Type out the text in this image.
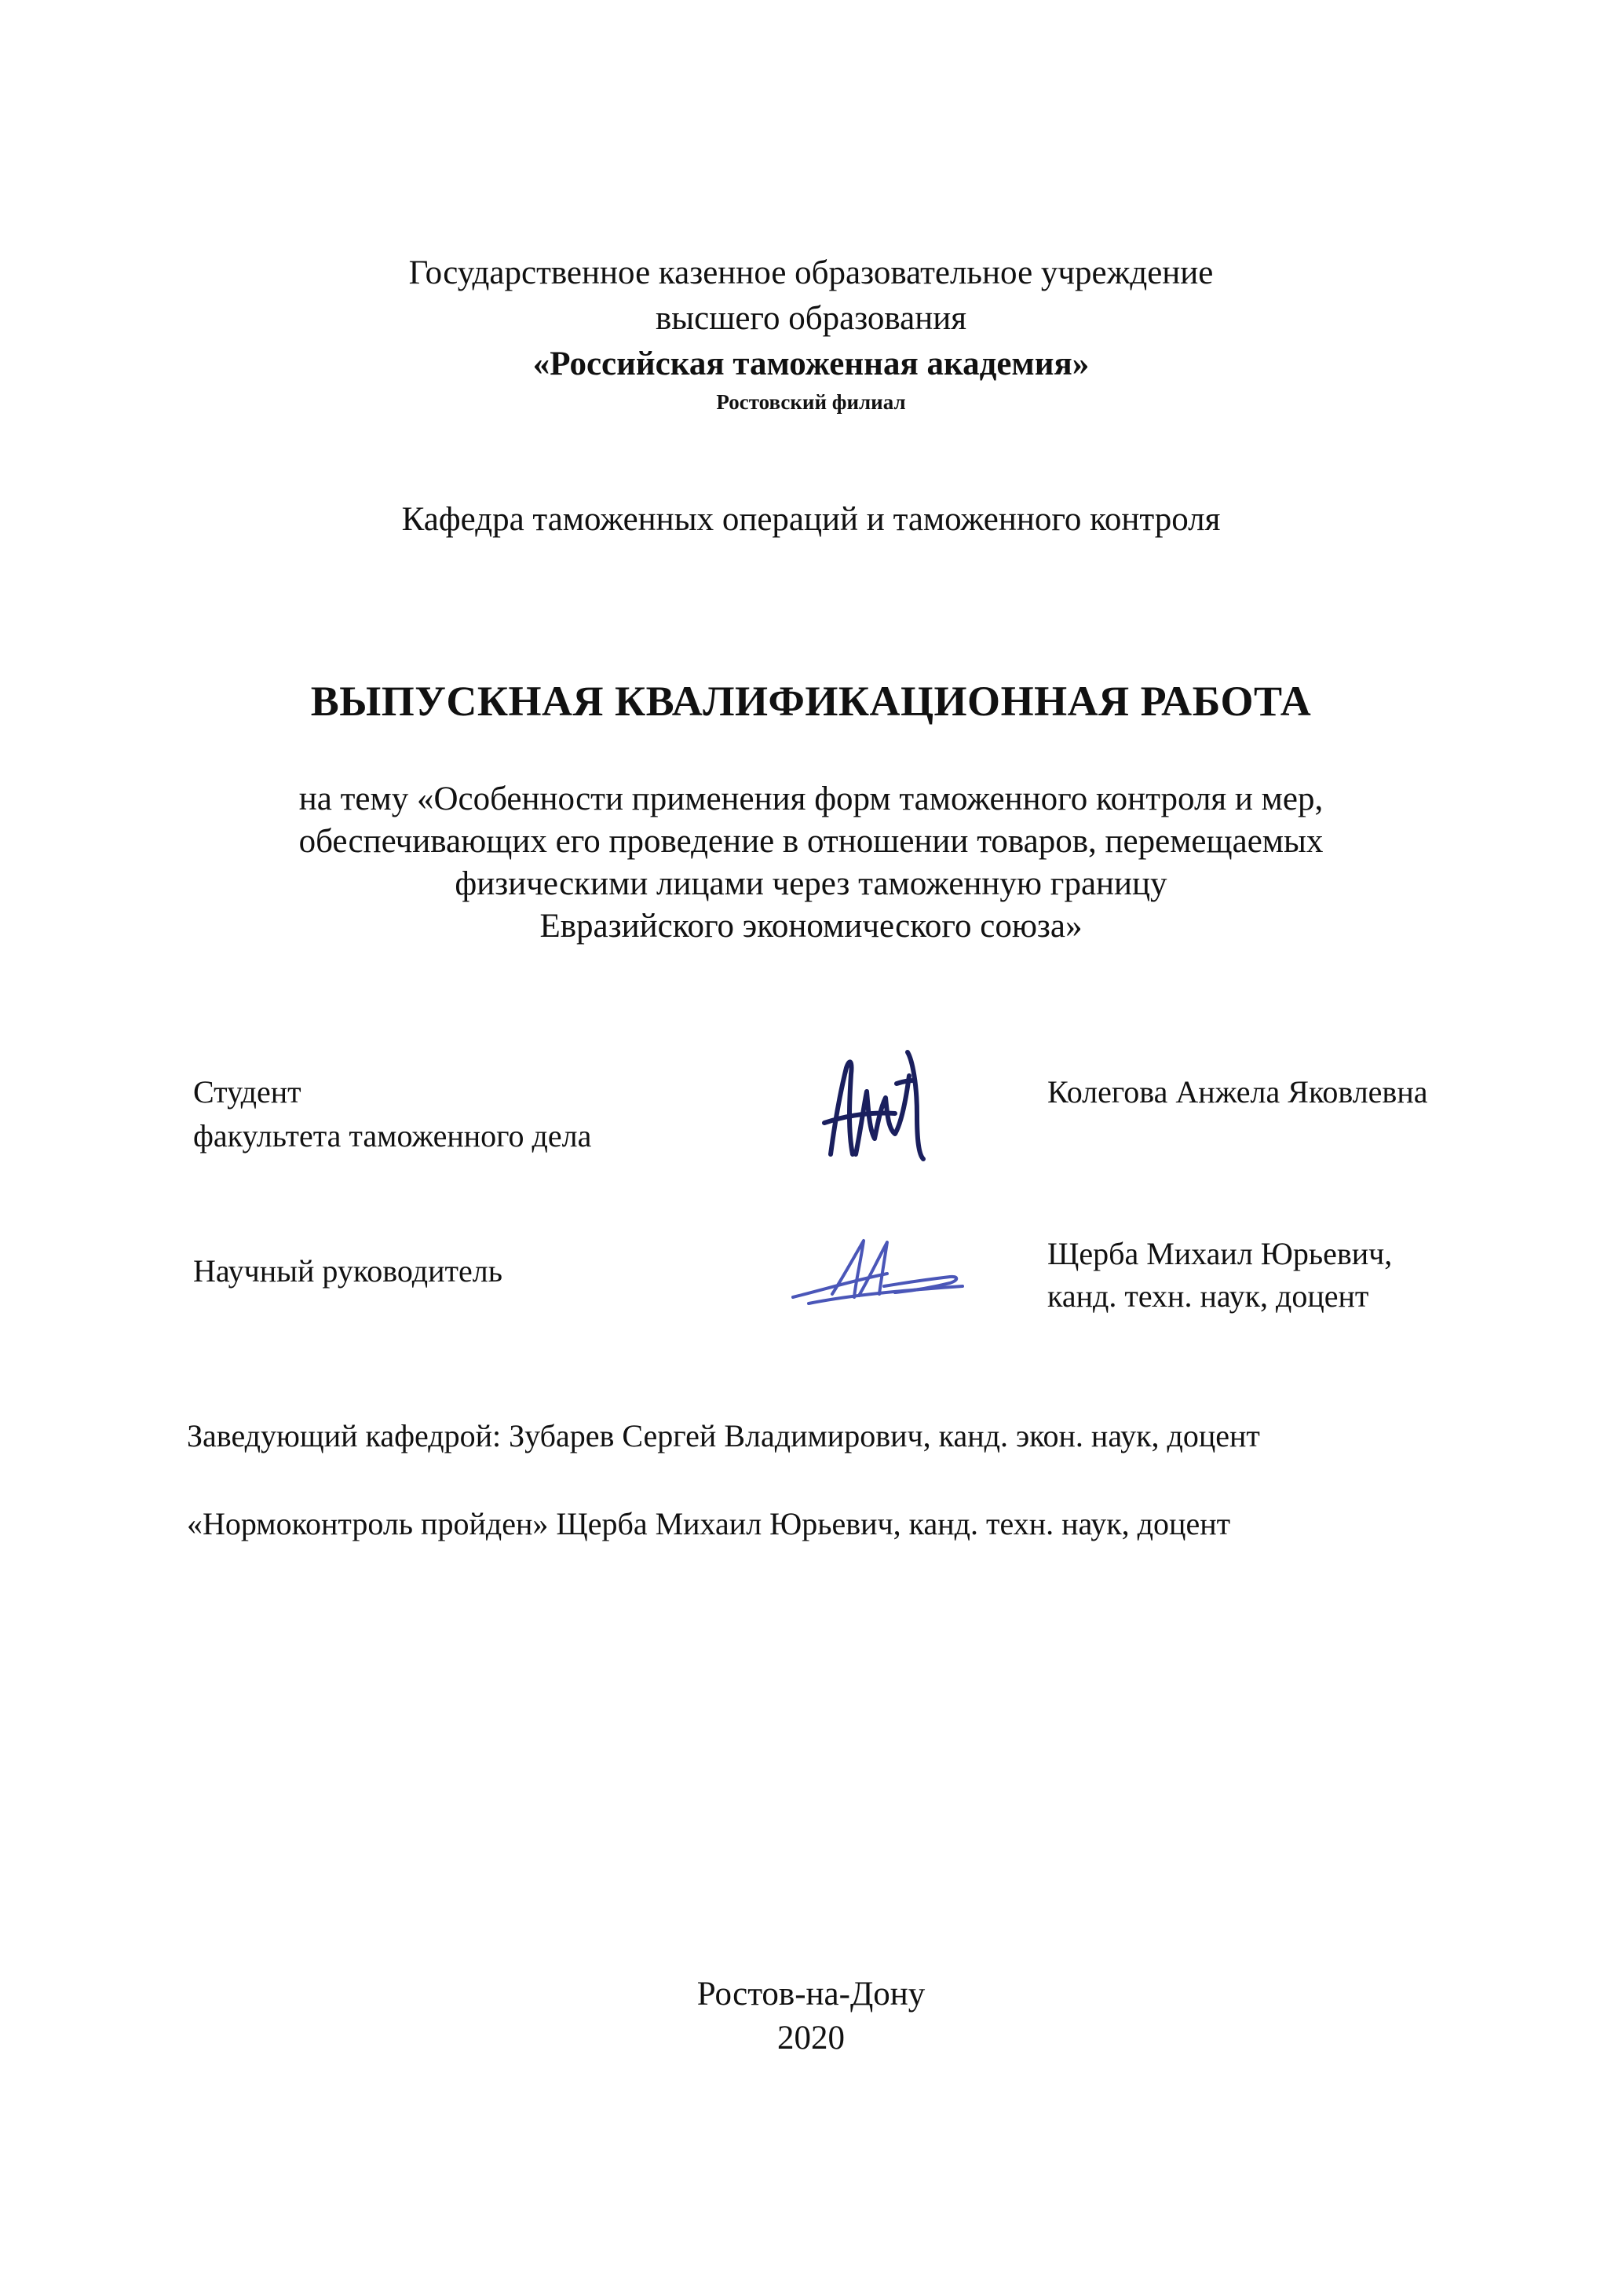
Государственное казенное образовательное учреждение
высшего образования
«Российская таможенная академия»
Ростовский филиал
Кафедра таможенных операций и таможенного контроля
ВЫПУСКНАЯ КВАЛИФИКАЦИОННАЯ РАБОТА
на тему «Особенности применения форм таможенного контроля и мер,
обеспечивающих его проведение в отношении товаров, перемещаемых
физическими лицами через таможенную границу
Евразийского экономического союза»
Студент
факультета таможенного дела
Колегова Анжела Яковлевна
Научный руководитель	Щерба Михаил Юрьевич,
канд. техн. наук, доцент
Заведующий кафедрой: Зубарев Сергей Владимирович, канд. экон. наук, доцент
«Нормоконтроль пройден» Щерба Михаил Юрьевич, канд. техн. наук, доцент
Ростов-на-Дону
2020
